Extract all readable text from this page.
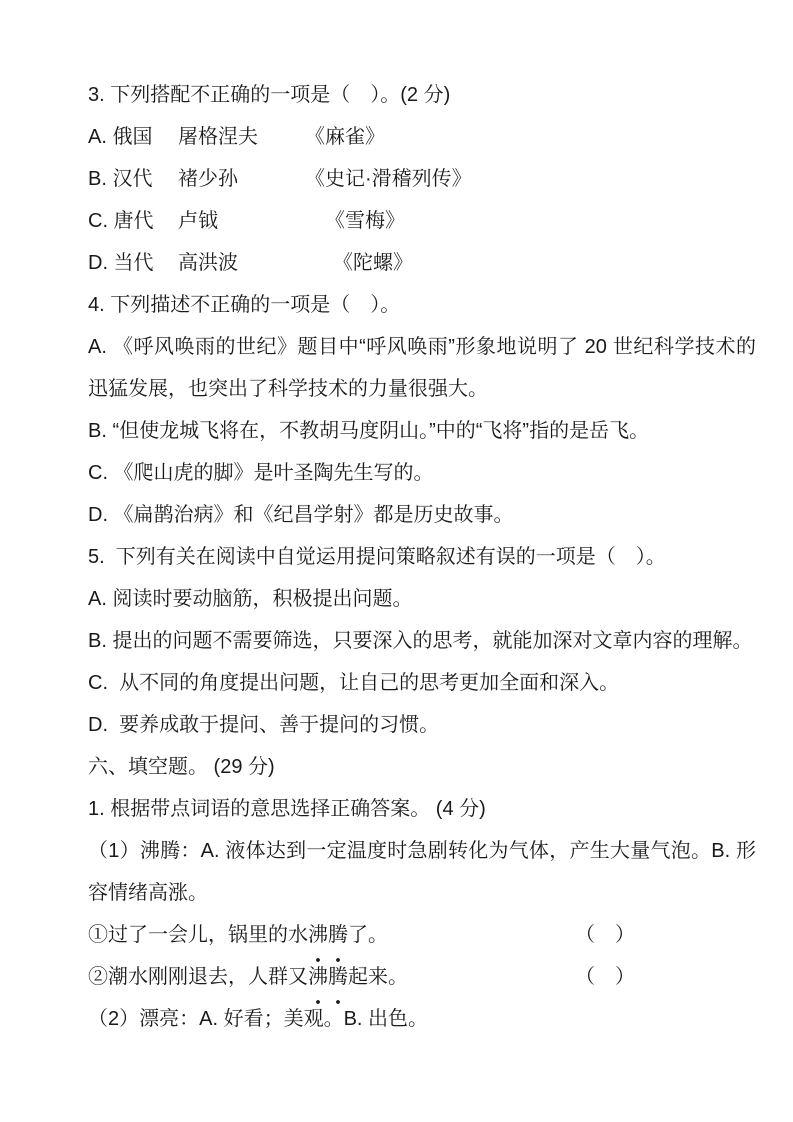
3. 下列搭配不正确的一项是（　）。(2 分)
A. 俄国	屠格涅夫	《麻雀》
B. 汉代	褚少孙	《史记·滑稽列传》
C. 唐代	卢钺	《雪梅》
D. 当代	高洪波	《陀螺》
4. 下列描述不正确的一项是（　）。
A. 《呼风唤雨的世纪》题目中“呼风唤雨”形象地说明了 20 世纪科学技术的迅猛发展，也突出了科学技术的力量很强大。
B. “但使龙城飞将在，不教胡马度阴山。”中的“飞将”指的是岳飞。
C. 《爬山虎的脚》是叶圣陶先生写的。
D. 《扁鹊治病》和《纪昌学射》都是历史故事。
5.  下列有关在阅读中自觉运用提问策略叙述有误的一项是（　）。
A. 阅读时要动脑筋，积极提出问题。
B. 提出的问题不需要筛选，只要深入的思考，就能加深对文章内容的理解。
C.  从不同的角度提出问题，让自己的思考更加全面和深入。
D.  要养成敢于提问、善于提问的习惯。
六、填空题。 (29 分)
1. 根据带点词语的意思选择正确答案。 (4 分)
（1）沸腾：A. 液体达到一定温度时急剧转化为气体，产生大量气泡。B. 形容情绪高涨。
①过了一会儿，锅里的水沸腾了。	（　）
②潮水刚刚退去，人群又沸腾起来。	（　）
（2）漂亮：A. 好看；美观。B. 出色。
